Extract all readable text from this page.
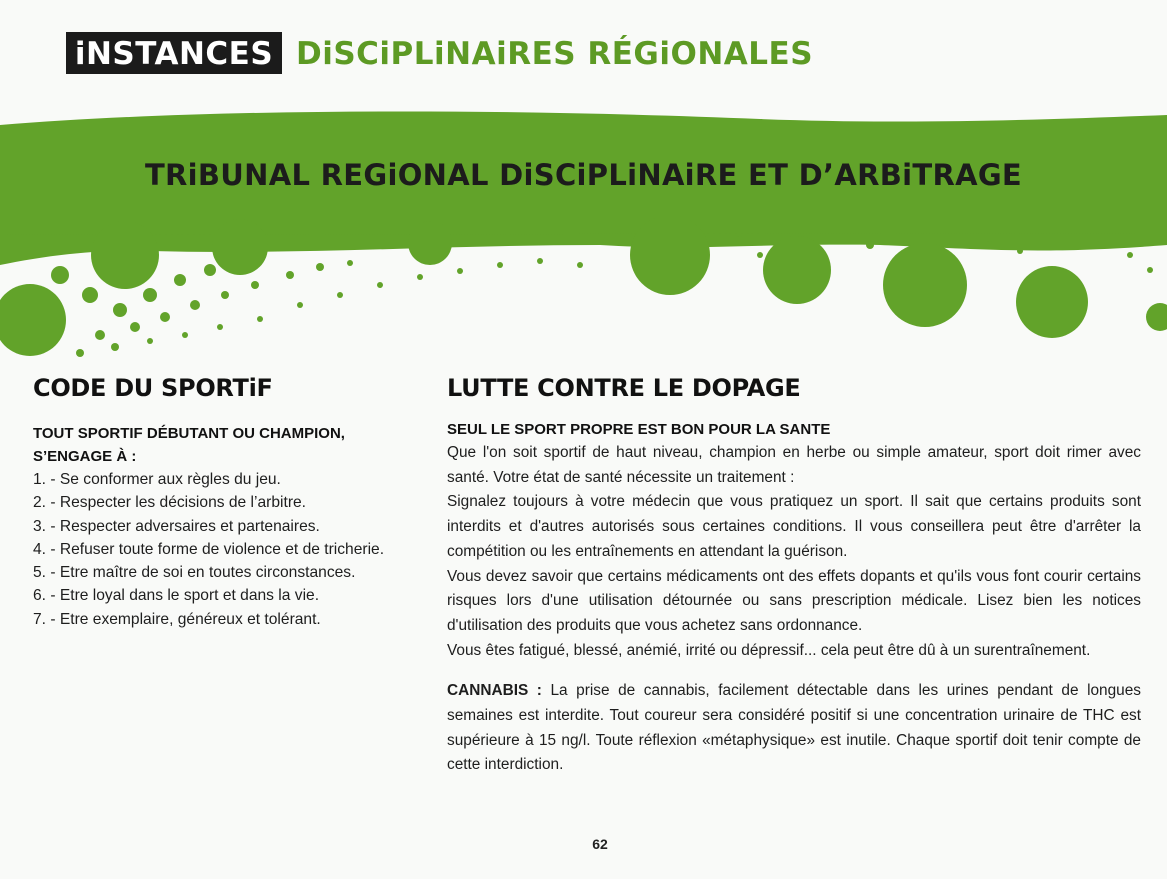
iNSTANCES DiSCiPLiNAiRES RÉGiONALES
TRiBUNAL REGiONAL DiSCiPLiNAiRE ET D’ARBiTRAGE
CODE DU SPORTiF
TOUT SPORTIF DÉBUTANT OU CHAMPION, S’ENGAGE À :
1. - Se conformer aux règles du jeu.
2. - Respecter les décisions de l’arbitre.
3. - Respecter adversaires et partenaires.
4. - Refuser toute forme de violence et de tricherie.
5. - Etre maître de soi en toutes circonstances.
6. - Etre loyal dans le sport et dans la vie.
7. - Etre exemplaire, généreux et tolérant.
LUTTE CONTRE LE DOPAGE
SEUL LE SPORT PROPRE EST BON POUR LA SANTE

Que l'on soit sportif de haut niveau, champion en herbe ou simple amateur, sport doit rimer avec santé. Votre état de santé nécessite un traitement :

Signalez toujours à votre médecin que vous pratiquez un sport. Il sait que certains produits sont interdits et d'autres autorisés sous certaines conditions. Il vous conseillera peut être d'arrêter la compétition ou les entraînements en attendant la guérison.

Vous devez savoir que certains médicaments ont des effets dopants et qu'ils vous font courir certains risques lors d'une utilisation détournée ou sans prescription médicale. Lisez bien les notices d'utilisation des produits que vous achetez sans ordonnance.

Vous êtes fatigué, blessé, anémié, irrité ou dépressif... cela peut être dû à un surentraînement.

CANNABIS : La prise de cannabis, facilement détectable dans les urines pendant de longues semaines est interdite. Tout coureur sera considéré positif si une concentration urinaire de THC est supérieure à 15 ng/l. Toute réflexion «métaphysique» est inutile. Chaque sportif doit tenir compte de cette interdiction.

62
